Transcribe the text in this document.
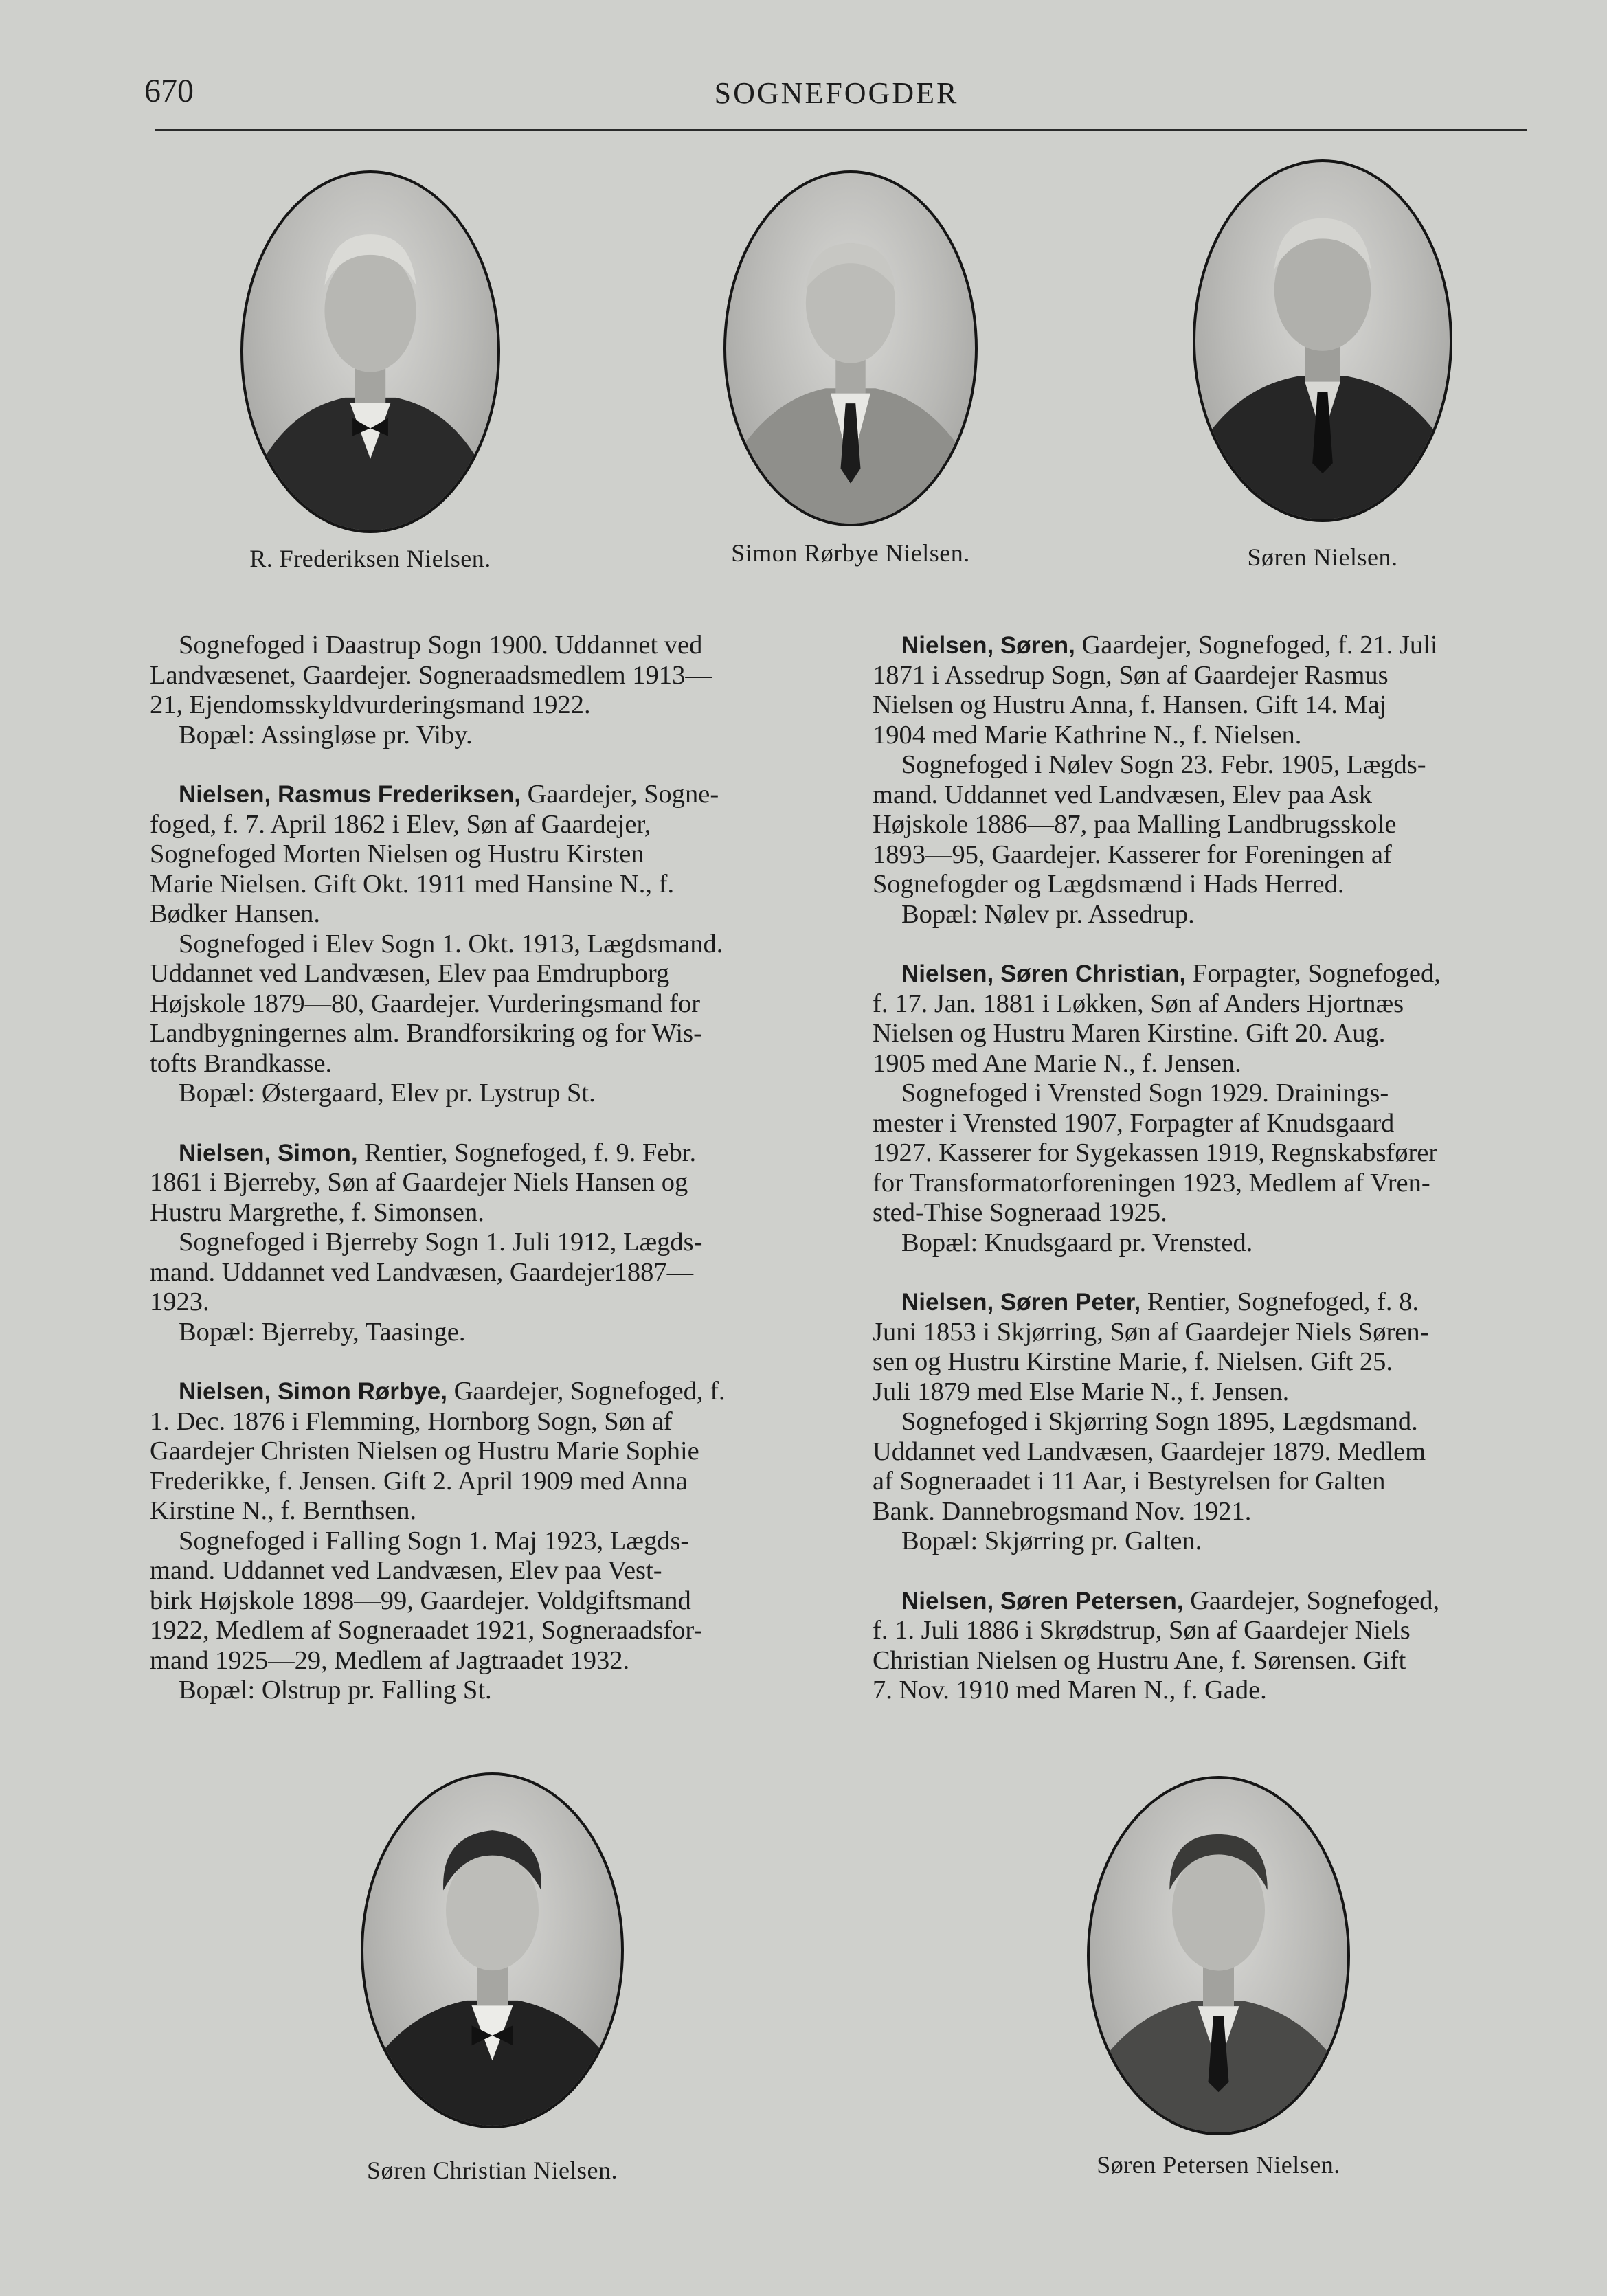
670	SOGNEFOGDER
R. Frederiksen Nielsen.	Simon Rørbye Nielsen.	Søren Nielsen.

Sognefoged i Daastrup Sogn 1900. Uddannet ved

Landvæsenet, Gaardejer. Sogneraadsmedlem 1913—

21, Ejendomsskyldvurderingsmand 1922.

Bopæl: Assingløse pr. Viby.

Nielsen, Rasmus Frederiksen, Gaardejer, Sogne-

foged, f. 7. April 1862 i Elev, Søn af Gaardejer,

Sognefoged Morten Nielsen og Hustru Kirsten

Marie Nielsen. Gift Okt. 1911 med Hansine N., f.

Bødker Hansen.

Sognefoged i Elev Sogn 1. Okt. 1913, Lægdsmand.

Uddannet ved Landvæsen, Elev paa Emdrupborg

Højskole 1879—80, Gaardejer. Vurderingsmand for

Landbygningernes alm. Brandforsikring og for Wis-

tofts Brandkasse.

Bopæl: Østergaard, Elev pr. Lystrup St.

Nielsen, Simon, Rentier, Sognefoged, f. 9. Febr.

1861 i Bjerreby, Søn af Gaardejer Niels Hansen og

Hustru Margrethe, f. Simonsen.

Sognefoged i Bjerreby Sogn 1. Juli 1912, Lægds-

mand. Uddannet ved Landvæsen, Gaardejer1887—

1923.

Bopæl: Bjerreby, Taasinge.

Nielsen, Simon Rørbye, Gaardejer, Sognefoged, f.

1. Dec. 1876 i Flemming, Hornborg Sogn, Søn af

Gaardejer Christen Nielsen og Hustru Marie Sophie

Frederikke, f. Jensen. Gift 2. April 1909 med Anna

Kirstine N., f. Bernthsen.

Sognefoged i Falling Sogn 1. Maj 1923, Lægds-

mand. Uddannet ved Landvæsen, Elev paa Vest-

birk Højskole 1898—99, Gaardejer. Voldgiftsmand

1922, Medlem af Sogneraadet 1921, Sogneraadsfor-

mand 1925—29, Medlem af Jagtraadet 1932.

Bopæl: Olstrup pr. Falling St.

Nielsen, Søren, Gaardejer, Sognefoged, f. 21. Juli

1871 i Assedrup Sogn, Søn af Gaardejer Rasmus

Nielsen og Hustru Anna, f. Hansen. Gift 14. Maj

1904 med Marie Kathrine N., f. Nielsen.

Sognefoged i Nølev Sogn 23. Febr. 1905, Lægds-

mand. Uddannet ved Landvæsen, Elev paa Ask

Højskole 1886—87, paa Malling Landbrugsskole

1893—95, Gaardejer. Kasserer for Foreningen af

Sognefogder og Lægdsmænd i Hads Herred.

Bopæl: Nølev pr. Assedrup.

Nielsen, Søren Christian, Forpagter, Sognefoged,

f. 17. Jan. 1881 i Løkken, Søn af Anders Hjortnæs

Nielsen og Hustru Maren Kirstine. Gift 20. Aug.

1905 med Ane Marie N., f. Jensen.

Sognefoged i Vrensted Sogn 1929. Drainings-

mester i Vrensted 1907, Forpagter af Knudsgaard

1927. Kasserer for Sygekassen 1919, Regnskabsfører

for Transformatorforeningen 1923, Medlem af Vren-

sted-Thise Sogneraad 1925.

Bopæl: Knudsgaard pr. Vrensted.

Nielsen, Søren Peter, Rentier, Sognefoged, f. 8.

Juni 1853 i Skjørring, Søn af Gaardejer Niels Søren-

sen og Hustru Kirstine Marie, f. Nielsen. Gift 25.

Juli 1879 med Else Marie N., f. Jensen.

Sognefoged i Skjørring Sogn 1895, Lægdsmand.

Uddannet ved Landvæsen, Gaardejer 1879. Medlem

af Sogneraadet i 11 Aar, i Bestyrelsen for Galten

Bank. Dannebrogsmand Nov. 1921.

Bopæl: Skjørring pr. Galten.

Nielsen, Søren Petersen, Gaardejer, Sognefoged,

f. 1. Juli 1886 i Skrødstrup, Søn af Gaardejer Niels

Christian Nielsen og Hustru Ane, f. Sørensen. Gift

7. Nov. 1910 med Maren N., f. Gade.

Søren Christian Nielsen.	Søren Petersen Nielsen.
